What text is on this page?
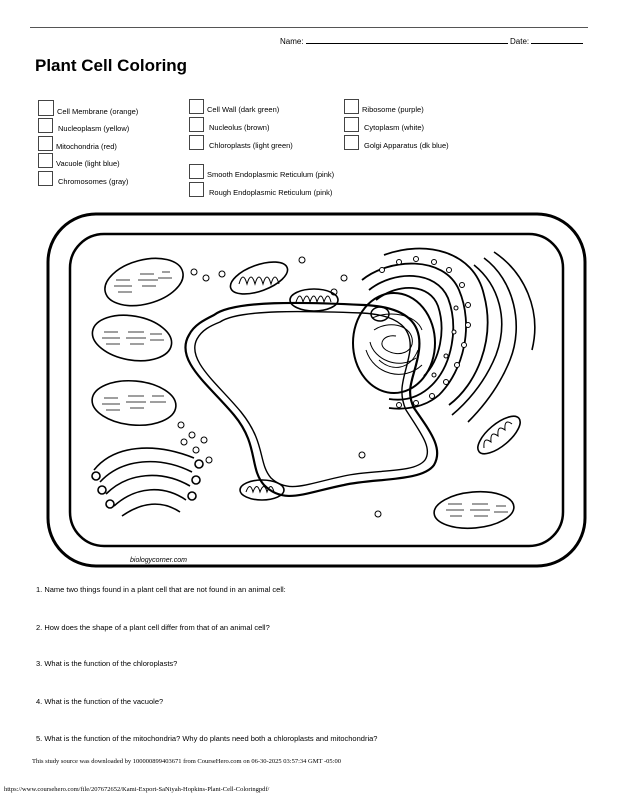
Name:	Date:
Plant Cell Coloring
Cell Membrane (orange)
Nucleoplasm (yellow)
Mitochondria (red)
Vacuole (light blue)
Chromosomes (gray)
Cell Wall (dark green)
Nucleolus (brown)
Chloroplasts (light green)
Smooth Endoplasmic Reticulum (pink)
Rough Endoplasmic Reticulum (pink)
Ribosome (purple)
Cytoplasm (white)
Golgi Apparatus (dk blue)
biologycorner.com
1. Name two things found in a plant cell that are not found in an animal cell:
2. How does the shape of a plant cell differ from that of an animal cell?
3. What is the function of the chloroplasts?
4. What is the function of the vacuole?
5. What is the function of the mitochondria? Why do plants need both a chloroplasts and mitochondria?
This study source was downloaded by 100000899403671 from CourseHero.com on 06-30-2025 03:57:34 GMT -05:00
https://www.coursehero.com/file/207672652/Kami-Export-SaNiyah-Hopkins-Plant-Cell-Coloringpdf/
